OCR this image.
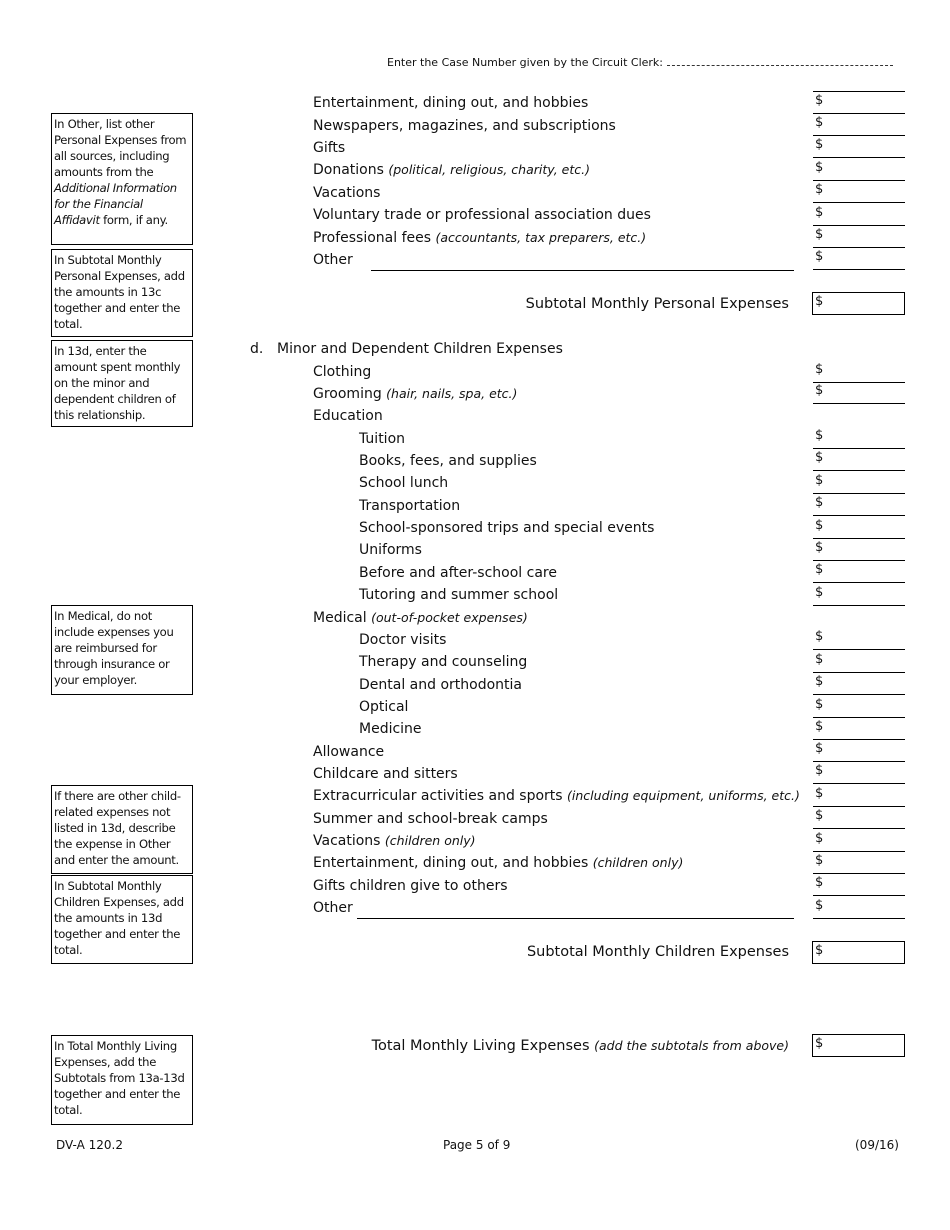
Enter the Case Number given by the Circuit Clerk:
In Other, list other Personal Expenses from all sources, including amounts from the Additional Information for the Financial Affidavit form, if any.
In Subtotal Monthly Personal Expenses, add the amounts in 13c together and enter the total.
In 13d, enter the amount spent monthly on the minor and dependent children of this relationship.
In Medical, do not include expenses you are reimbursed for through insurance or your employer.
If there are other child-related expenses not listed in 13d, describe the expense in Other and enter the amount.
In Subtotal Monthly Children Expenses, add the amounts in 13d together and enter the total.
In Total Monthly Living Expenses, add the Subtotals from 13a-13d together and enter the total.
Entertainment, dining out, and hobbies	$
Newspapers, magazines, and subscriptions	$
Gifts	$
Donations (political, religious, charity, etc.)	$
Vacations	$
Voluntary trade or professional association dues	$
Professional fees (accountants, tax preparers, etc.)	$
Other	$
Subtotal Monthly Personal Expenses $
d. Minor and Dependent Children Expenses
Clothing	$
Grooming (hair, nails, spa, etc.)	$
Education
Tuition	$
Books, fees, and supplies	$
School lunch	$
Transportation	$
School-sponsored trips and special events	$
Uniforms	$
Before and after-school care	$
Tutoring and summer school	$
Medical (out-of-pocket expenses)
Doctor visits	$
Therapy and counseling	$
Dental and orthodontia	$
Optical	$
Medicine	$
Allowance	$
Childcare and sitters	$
Extracurricular activities and sports (including equipment, uniforms, etc.) $
Summer and school-break camps	$
Vacations (children only)	$
Entertainment, dining out, and hobbies (children only)	$
Gifts children give to others	$
Other	$
Subtotal Monthly Children Expenses $
Total Monthly Living Expenses (add the subtotals from above) $
DV-A 120.2	Page 5 of 9	(09/16)
